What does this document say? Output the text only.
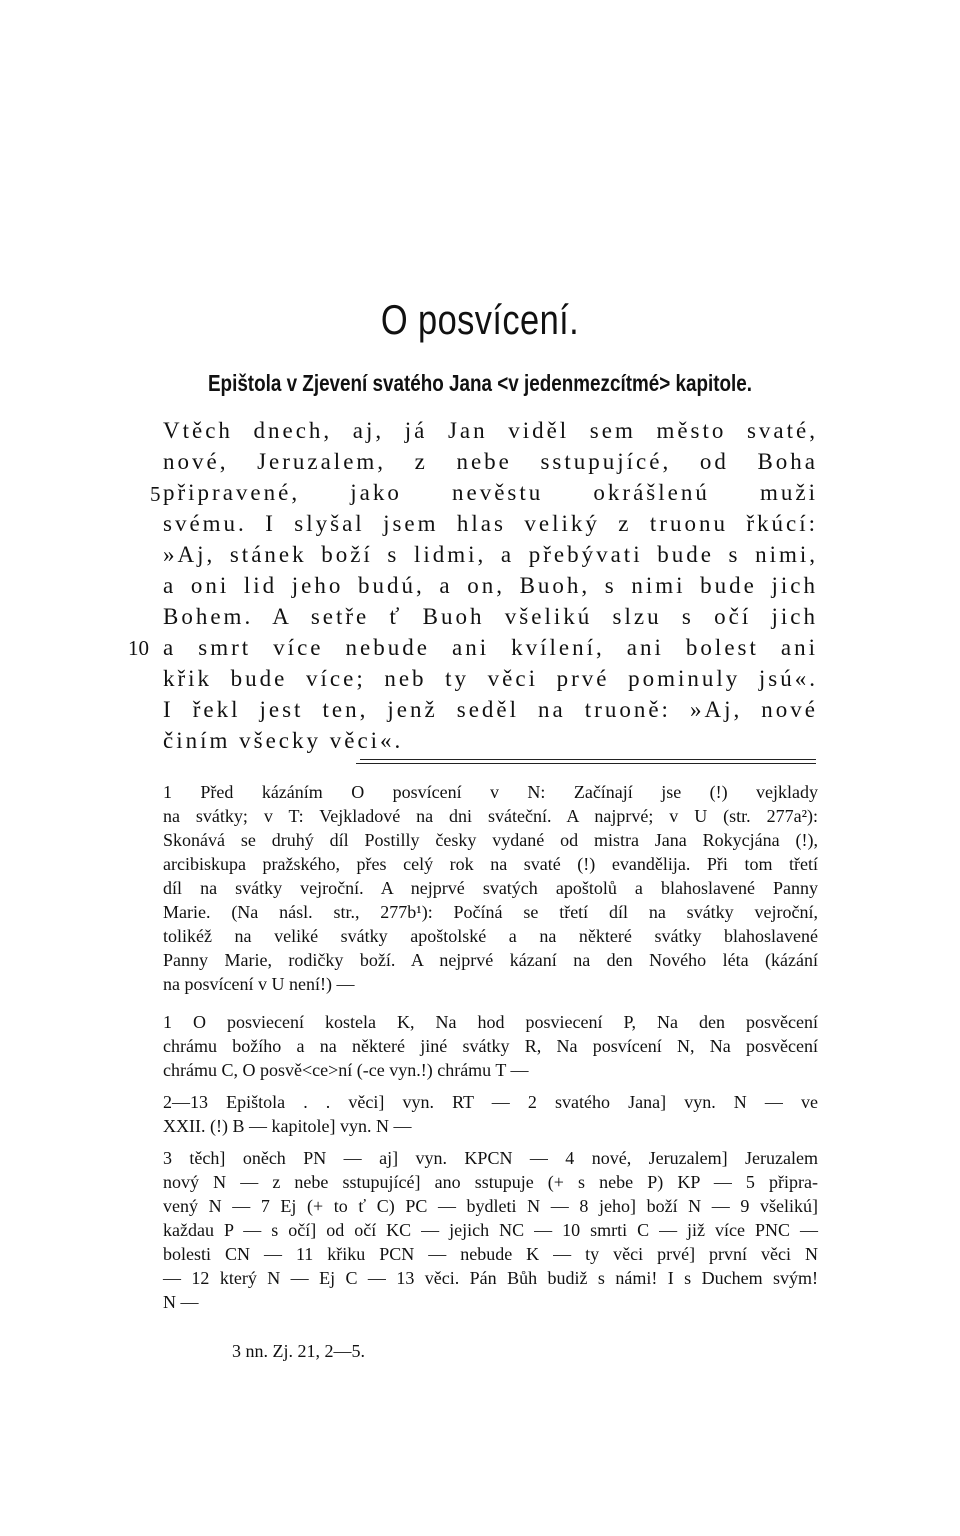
O posvícení.
Epištola v Zjevení svatého Jana <v jedenmezcítmé> kapitole.
Vtěch dnech, aj, já Jan viděl sem město svaté,
nové, Jeruzalem, z nebe sstupujícé, od Boha
5 připravené, jako nevěstu okrášlenú muži
svému. I slyšal jsem hlas veliký z truonu řkúcí:
»Aj, stánek boží s lidmi, a přebývati bude s nimi,
a oni lid jeho budú, a on, Buoh, s nimi bude jich
Bohem. A setře ť Buoh všelikú slzu s očí jich
10 a smrt více nebude ani kvílení, ani bolest ani
křik bude více; neb ty věci prvé pominuly jsú«.
I řekl jest ten, jenž seděl na truoně: »Aj, nové
činím všecky věci«.
1 Před kázáním O posvícení v N: Začínají jse (!) vejklady
na svátky; v T: Vejkladové na dni sváteční. A najprvé; v U (str. 277a²):
Skonává se druhý díl Postilly česky vydané od mistra Jana Rokycjána (!),
arcibiskupa pražského, přes celý rok na svaté (!) evandělija. Při tom třetí
díl na svátky vejroční. A nejprvé svatých apoštolů a blahoslavené Panny
Marie. (Na násl. str., 277b¹): Počíná se třetí díl na svátky vejroční,
tolikéž na veliké svátky apoštolské a na některé svátky blahoslavené
Panny Marie, rodičky boží. A nejprvé kázaní na den Nového léta (kázání
na posvícení v U není!) —
1 O posviecení kostela K, Na hod posviecení P, Na den posvěcení
chrámu božího a na některé jiné svátky R, Na posvícení N, Na posvěcení
chrámu C, O posvě<ce>ní (-ce vyn.!) chrámu T —
2—13 Epištola . . věci] vyn. RT — 2 svatého Jana] vyn. N — ve
XXII. (!) B — kapitole] vyn. N —
3 těch] oněch PN — aj] vyn. KPCN — 4 nové, Jeruzalem] Jeruzalem
nový N — z nebe sstupujícé] ano sstupuje (+ s nebe P) KP — 5 připra-
vený N — 7 Ej (+ to ť C) PC — bydleti N — 8 jeho] boží N — 9 všelikú]
každau P — s očí] od očí KC — jejich NC — 10 smrti C — již více PNC —
bolesti CN — 11 křiku PCN — nebude K — ty věci prvé] první věci N
— 12 který N — Ej C — 13 věci. Pán Bůh budiž s námi! I s Duchem svým!
N —
3 nn. Zj. 21, 2—5.
